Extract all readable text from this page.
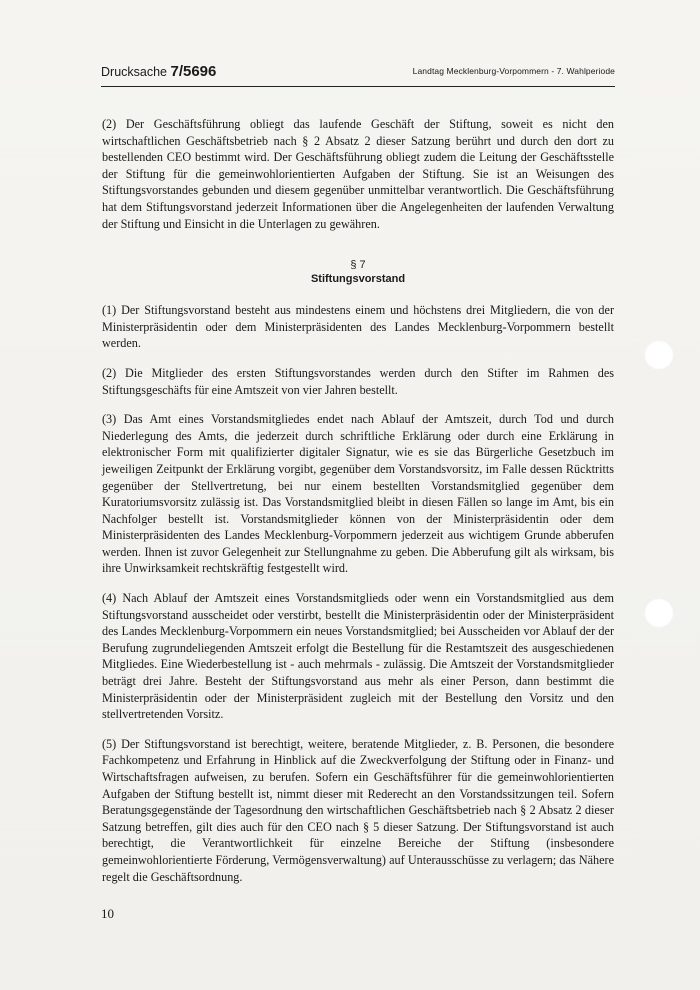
Drucksache 7/5696	Landtag Mecklenburg-Vorpommern - 7. Wahlperiode

(2) Der Geschäftsführung obliegt das laufende Geschäft der Stiftung, soweit es nicht den wirtschaftlichen Geschäftsbetrieb nach § 2 Absatz 2 dieser Satzung berührt und durch den dort zu bestellenden CEO bestimmt wird. Der Geschäftsführung obliegt zudem die Leitung der Geschäftsstelle der Stiftung für die gemeinwohlorientierten Aufgaben der Stiftung. Sie ist an Weisungen des Stiftungsvorstandes gebunden und diesem gegenüber unmittelbar verantwortlich. Die Geschäftsführung hat dem Stiftungsvorstand jederzeit Informationen über die Angelegenheiten der laufenden Verwaltung der Stiftung und Einsicht in die Unterlagen zu gewähren.

§ 7
Stiftungsvorstand

(1) Der Stiftungsvorstand besteht aus mindestens einem und höchstens drei Mitgliedern, die von der Ministerpräsidentin oder dem Ministerpräsidenten des Landes Mecklenburg-Vorpommern bestellt werden.

(2) Die Mitglieder des ersten Stiftungsvorstandes werden durch den Stifter im Rahmen des Stiftungsgeschäfts für eine Amtszeit von vier Jahren bestellt.

(3) Das Amt eines Vorstandsmitgliedes endet nach Ablauf der Amtszeit, durch Tod und durch Niederlegung des Amts, die jederzeit durch schriftliche Erklärung oder durch eine Erklärung in elektronischer Form mit qualifizierter digitaler Signatur, wie es sie das Bürgerliche Gesetzbuch im jeweiligen Zeitpunkt der Erklärung vorgibt, gegenüber dem Vorstandsvorsitz, im Falle dessen Rücktritts gegenüber der Stellvertretung, bei nur einem bestellten Vorstandsmitglied gegenüber dem Kuratoriumsvorsitz zulässig ist. Das Vorstandsmitglied bleibt in diesen Fällen so lange im Amt, bis ein Nachfolger bestellt ist. Vorstandsmitglieder können von der Ministerpräsidentin oder dem Ministerpräsidenten des Landes Mecklenburg-Vorpommern jederzeit aus wichtigem Grunde abberufen werden. Ihnen ist zuvor Gelegenheit zur Stellungnahme zu geben. Die Abberufung gilt als wirksam, bis ihre Unwirksamkeit rechtskräftig festgestellt wird.

(4) Nach Ablauf der Amtszeit eines Vorstandsmitglieds oder wenn ein Vorstandsmitglied aus dem Stiftungsvorstand ausscheidet oder verstirbt, bestellt die Ministerpräsidentin oder der Ministerpräsident des Landes Mecklenburg-Vorpommern ein neues Vorstandsmitglied; bei Ausscheiden vor Ablauf der der Berufung zugrundeliegenden Amtszeit erfolgt die Bestellung für die Restamtszeit des ausgeschiedenen Mitgliedes. Eine Wiederbestellung ist - auch mehrmals - zulässig. Die Amtszeit der Vorstandsmitglieder beträgt drei Jahre. Besteht der Stiftungsvorstand aus mehr als einer Person, dann bestimmt die Ministerpräsidentin oder der Ministerpräsident zugleich mit der Bestellung den Vorsitz und den stellvertretenden Vorsitz.

(5) Der Stiftungsvorstand ist berechtigt, weitere, beratende Mitglieder, z. B. Personen, die besondere Fachkompetenz und Erfahrung in Hinblick auf die Zweckverfolgung der Stiftung oder in Finanz- und Wirtschaftsfragen aufweisen, zu berufen. Sofern ein Geschäftsführer für die gemeinwohlorientierten Aufgaben der Stiftung bestellt ist, nimmt dieser mit Rederecht an den Vorstandssitzungen teil. Sofern Beratungsgegenstände der Tagesordnung den wirtschaftlichen Geschäftsbetrieb nach § 2 Absatz 2 dieser Satzung betreffen, gilt dies auch für den CEO nach § 5 dieser Satzung. Der Stiftungsvorstand ist auch berechtigt, die Verantwortlichkeit für einzelne Bereiche der Stiftung (insbesondere gemeinwohlorientierte Förderung, Vermögensverwaltung) auf Unterausschüsse zu verlagern; das Nähere regelt die Geschäftsordnung.

10
